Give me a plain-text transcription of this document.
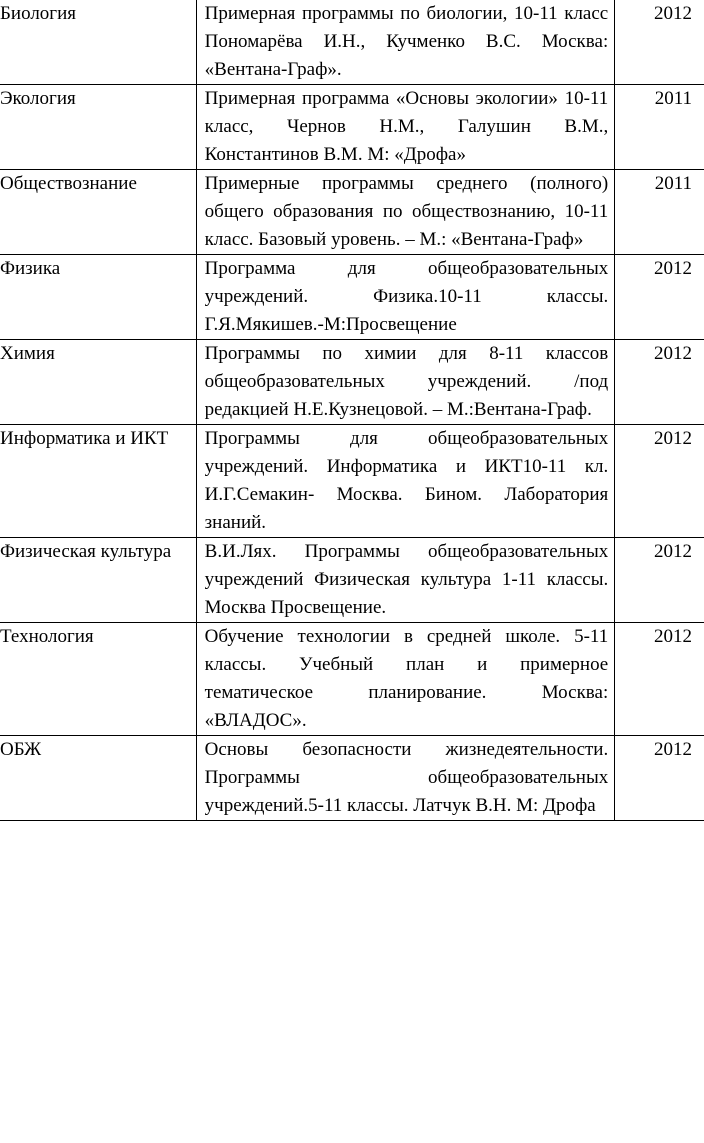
Биология	Примерная программы по биологии, 10-11 класс Пономарёва И.Н., Кучменко В.С. Москва: «Вентана-Граф».	2012
Экология	Примерная программа «Основы экологии» 10-11 класс, Чернов Н.М., Галушин В.М., Константинов В.М. М: «Дрофа»	2011
Обществознание	Примерные программы среднего (полного) общего образования по обществознанию, 10-11 класс. Базовый уровень. – М.: «Вентана-Граф»	2011
Физика	Программа для общеобразовательных учреждений. Физика.10-11 классы. Г.Я.Мякишев.-М:Просвещение	2012
Химия	Программы по химии для 8-11 классов общеобразовательных учреждений. /под редакцией Н.Е.Кузнецовой. – М.:Вентана-Граф.	2012
Информатика и ИКТ	Программы для общеобразовательных учреждений. Информатика и ИКТ10-11 кл. И.Г.Семакин- Москва. Бином. Лаборатория знаний.	2012
Физическая культура	В.И.Лях. Программы общеобразовательных учреждений Физическая культура 1-11 классы. Москва Просвещение.	2012
Технология	Обучение технологии в средней школе. 5-11 классы. Учебный план и примерное тематическое планирование. Москва: «ВЛАДОС».	2012
ОБЖ	Основы безопасности жизнедеятельности. Программы общеобразовательных учреждений.5-11 классы. Латчук В.Н. М: Дрофа	2012
